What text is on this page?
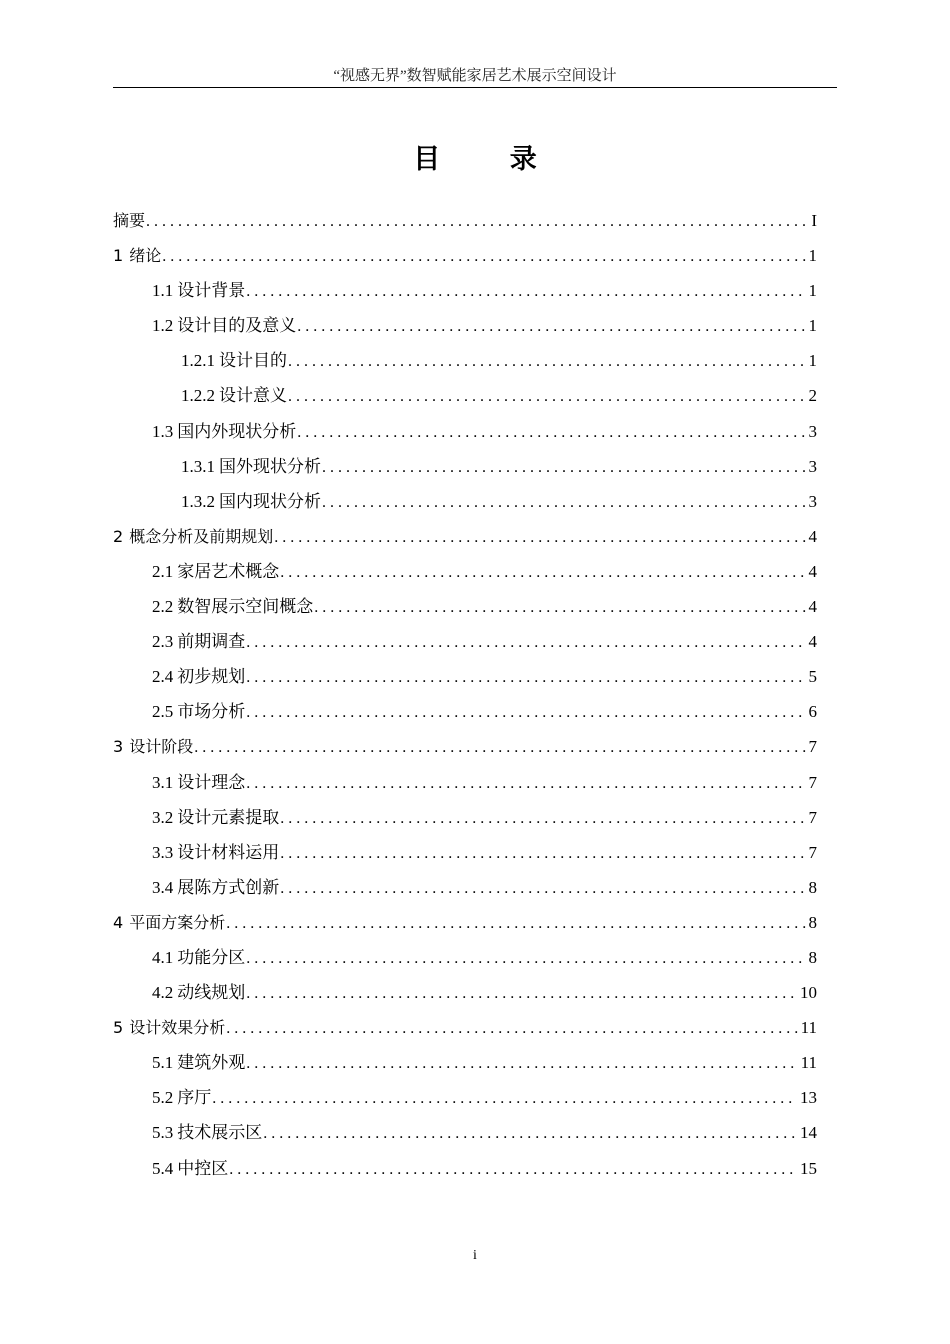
“视感无界”数智赋能家居艺术展示空间设计
目 录
摘要 . . .	I
1 绪论 . . .	1
1.1 设计背景 . . .	1
1.2 设计目的及意义 . . .	1
1.2.1 设计目的 . . .	1
1.2.2 设计意义 . . .	2
1.3 国内外现状分析 . . .	3
1.3.1 国外现状分析 . . .	3
1.3.2 国内现状分析 . . .	3
2 概念分析及前期规划 . . .	4
2.1 家居艺术概念 . . .	4
2.2 数智展示空间概念 . . .	4
2.3 前期调查 . . .	4
2.4 初步规划 . . .	5
2.5 市场分析 . . .	6
3 设计阶段 . . .	7
3.1 设计理念 . . .	7
3.2 设计元素提取 . . .	7
3.3 设计材料运用 . . .	7
3.4 展陈方式创新 . . .	8
4 平面方案分析 . . .	8
4.1 功能分区 . . .	8
4.2 动线规划 . . .	10
5 设计效果分析 . . .	11
5.1 建筑外观 . . .	11
5.2 序厅 . . .	13
5.3 技术展示区 . . .	14
5.4 中控区 . . .	15
i
